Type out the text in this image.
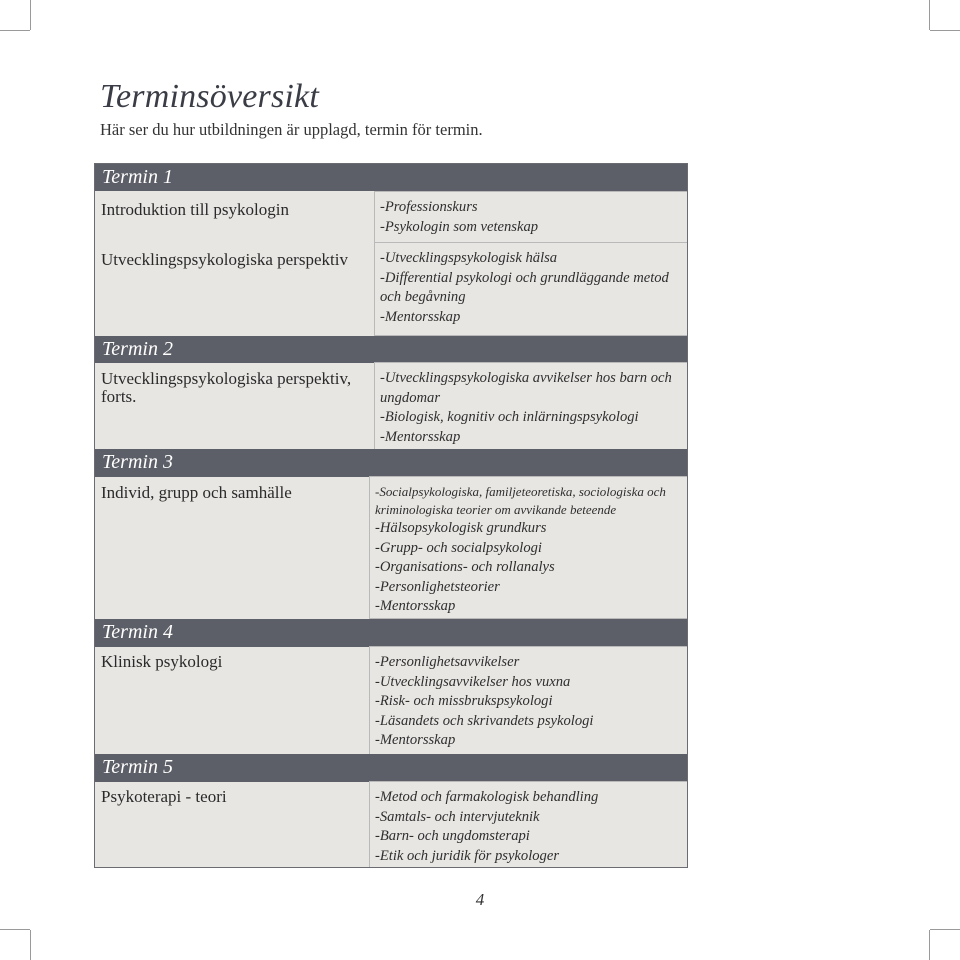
Terminsöversikt

Här ser du hur utbildningen är upplagd, termin för termin.

Termin 1
Introduktion till psykologin	-Professionskurs
-Psykologin som vetenskap
Utvecklingspsykologiska perspektiv	-Utvecklingspsykologisk hälsa
-Differential psykologi och grundläggande metod
och begåvning
-Mentorsskap
Termin 2
Utvecklingspsykologiska perspektiv, forts.
-Utvecklingspsykologiska avvikelser hos barn och
ungdomar
-Biologisk, kognitiv och inlärningspsykologi
-Mentorsskap
Termin 3
Individ, grupp och samhälle	-Socialpsykologiska, familjeteoretiska, sociologiska och
kriminologiska teorier om avvikande beteende
-Hälsopsykologisk grundkurs
-Grupp- och socialpsykologi
-Organisations- och rollanalys
-Personlighetsteorier
-Mentorsskap
Termin 4
Klinisk psykologi	-Personlighetsavvikelser
-Utvecklingsavvikelser hos vuxna
-Risk- och missbrukspsykologi
-Läsandets och skrivandets psykologi
-Mentorsskap
Termin 5
Psykoterapi - teori	-Metod och farmakologisk behandling
-Samtals- och intervjuteknik
-Barn- och ungdomsterapi
-Etik och juridik för psykologer
4
